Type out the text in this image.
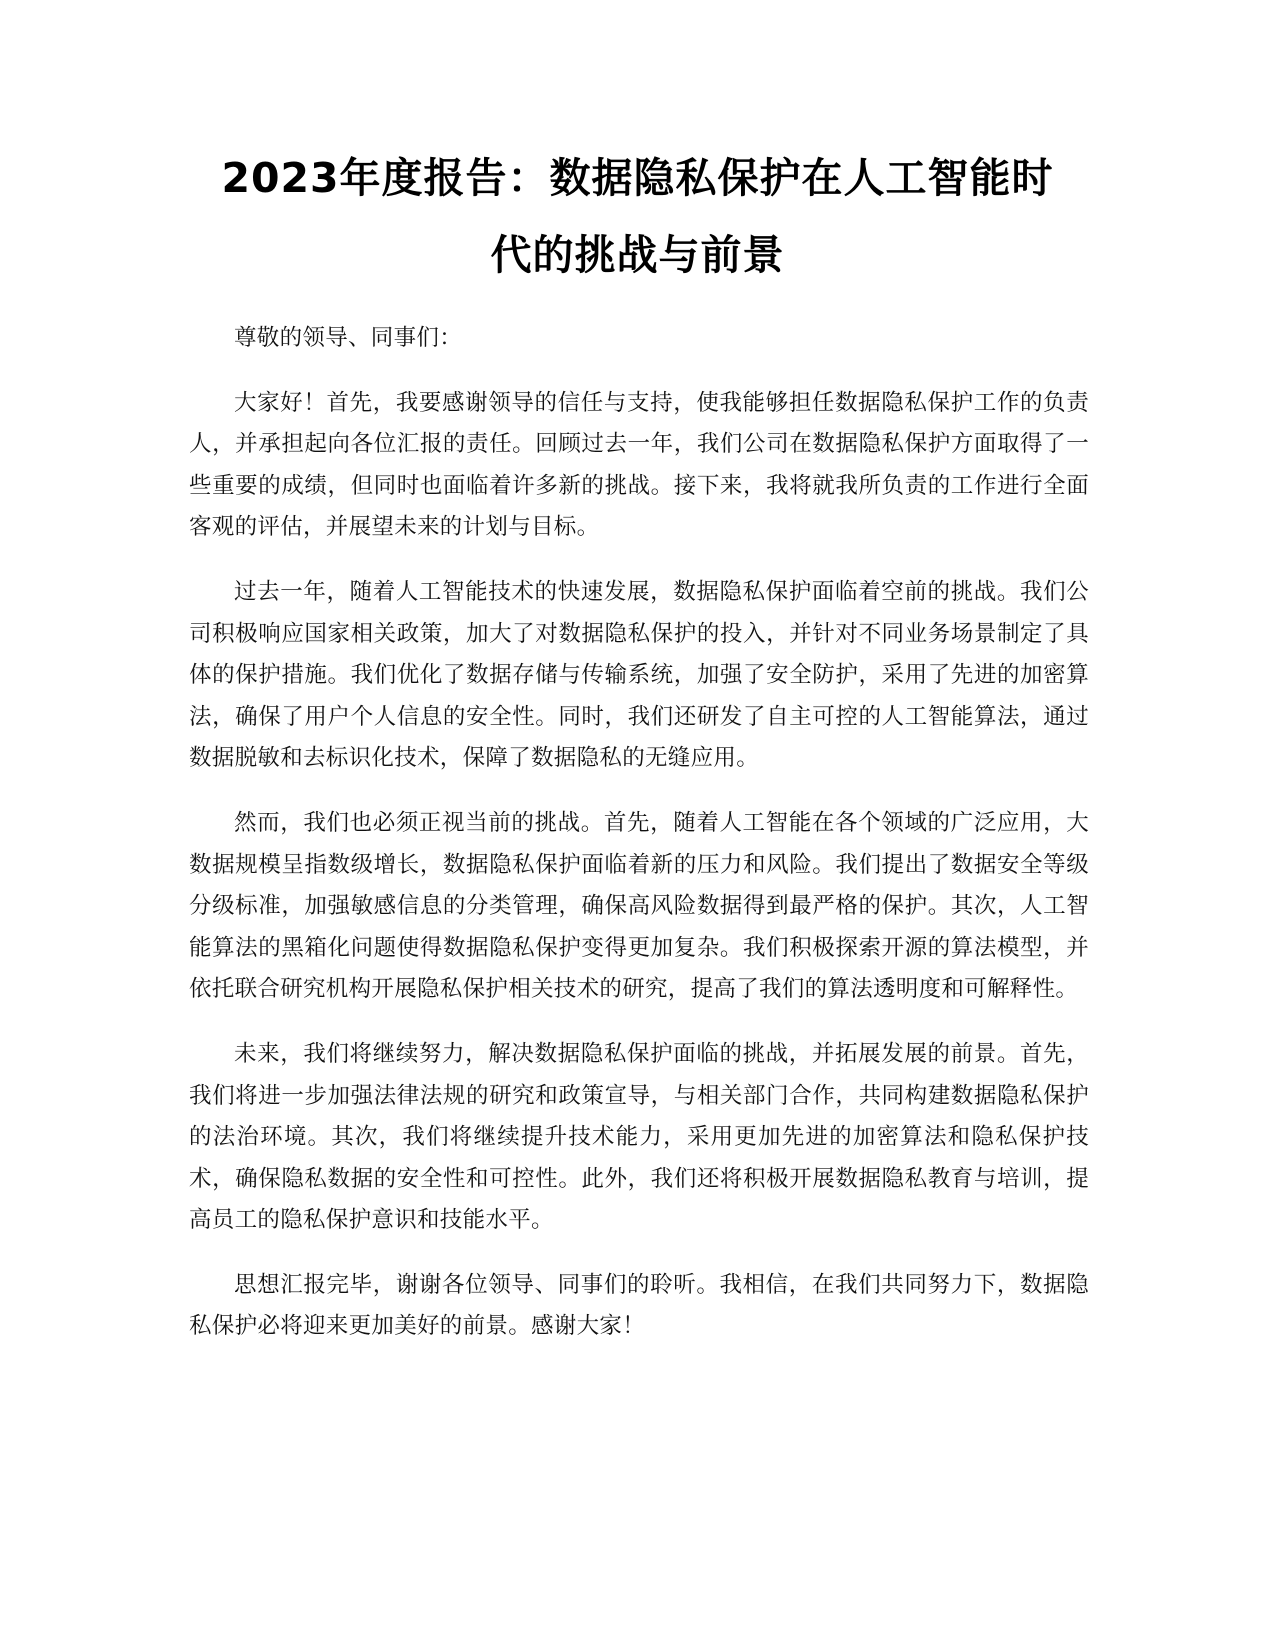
2023年度报告：数据隐私保护在人工智能时
代的挑战与前景

尊敬的领导、同事们：

大家好！首先，我要感谢领导的信任与支持，使我能够担任数据隐私保护工作的负责人，并承担起向各位汇报的责任。回顾过去一年，我们公司在数据隐私保护方面取得了一些重要的成绩，但同时也面临着许多新的挑战。接下来，我将就我所负责的工作进行全面客观的评估，并展望未来的计划与目标。

过去一年，随着人工智能技术的快速发展，数据隐私保护面临着空前的挑战。我们公司积极响应国家相关政策，加大了对数据隐私保护的投入，并针对不同业务场景制定了具体的保护措施。我们优化了数据存储与传输系统，加强了安全防护，采用了先进的加密算法，确保了用户个人信息的安全性。同时，我们还研发了自主可控的人工智能算法，通过数据脱敏和去标识化技术，保障了数据隐私的无缝应用。

然而，我们也必须正视当前的挑战。首先，随着人工智能在各个领域的广泛应用，大数据规模呈指数级增长，数据隐私保护面临着新的压力和风险。我们提出了数据安全等级分级标准，加强敏感信息的分类管理，确保高风险数据得到最严格的保护。其次，人工智能算法的黑箱化问题使得数据隐私保护变得更加复杂。我们积极探索开源的算法模型，并依托联合研究机构开展隐私保护相关技术的研究，提高了我们的算法透明度和可解释性。

未来，我们将继续努力，解决数据隐私保护面临的挑战，并拓展发展的前景。首先，我们将进一步加强法律法规的研究和政策宣导，与相关部门合作，共同构建数据隐私保护的法治环境。其次，我们将继续提升技术能力，采用更加先进的加密算法和隐私保护技术，确保隐私数据的安全性和可控性。此外，我们还将积极开展数据隐私教育与培训，提高员工的隐私保护意识和技能水平。

思想汇报完毕，谢谢各位领导、同事们的聆听。我相信，在我们共同努力下，数据隐私保护必将迎来更加美好的前景。感谢大家！
